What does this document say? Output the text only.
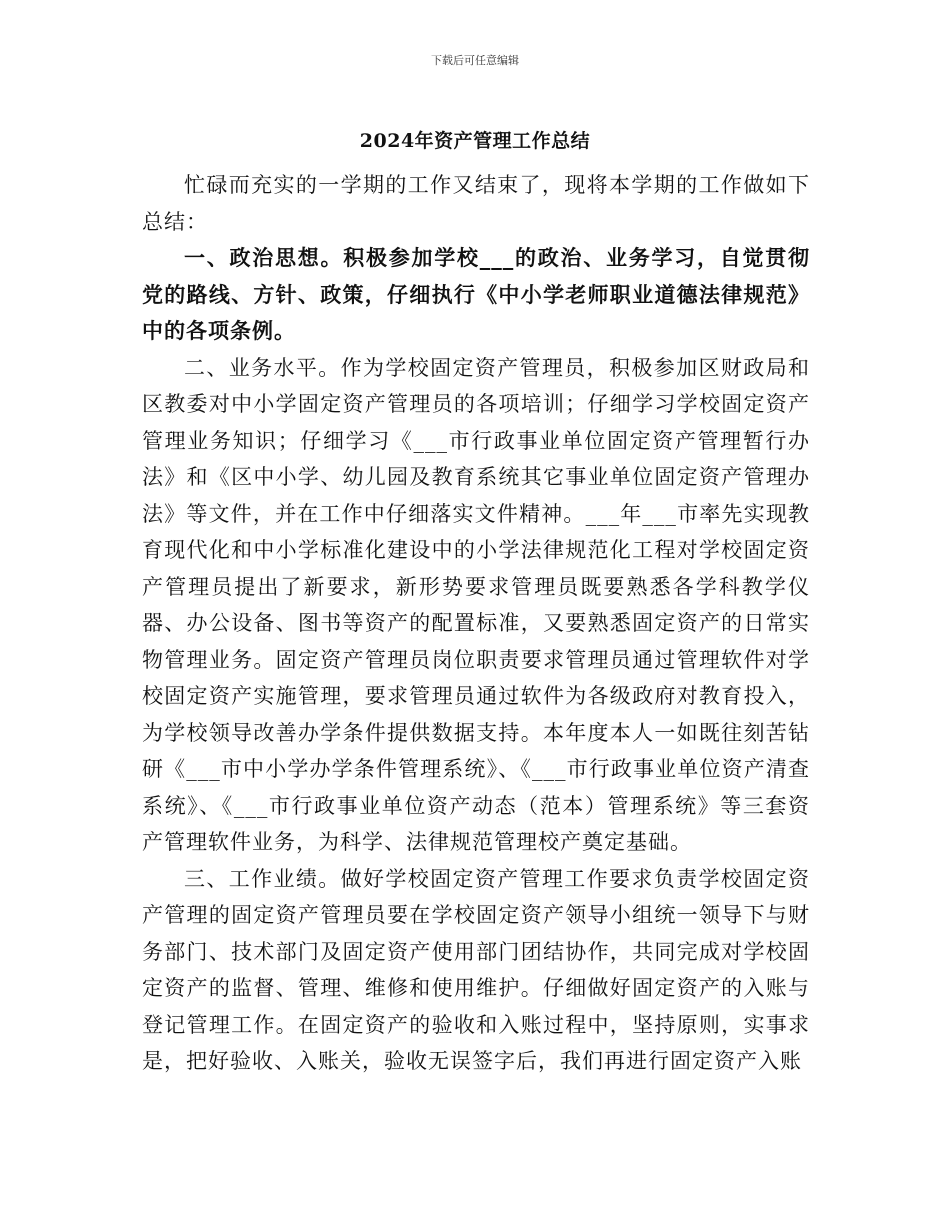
下载后可任意编辑
2024年资产管理工作总结

忙碌而充实的一学期的工作又结束了，现将本学期的工作做如下总结：

一、政治思想。积极参加学校___的政治、业务学习，自觉贯彻党的路线、方针、政策，仔细执行《中小学老师职业道德法律规范》中的各项条例。

二、业务水平。作为学校固定资产管理员，积极参加区财政局和区教委对中小学固定资产管理员的各项培训；仔细学习学校固定资产管理业务知识；仔细学习《___市行政事业单位固定资产管理暂行办法》和《区中小学、幼儿园及教育系统其它事业单位固定资产管理办法》等文件，并在工作中仔细落实文件精神。___年___市率先实现教育现代化和中小学标准化建设中的小学法律规范化工程对学校固定资产管理员提出了新要求，新形势要求管理员既要熟悉各学科教学仪器、办公设备、图书等资产的配置标准，又要熟悉固定资产的日常实物管理业务。固定资产管理员岗位职责要求管理员通过管理软件对学校固定资产实施管理，要求管理员通过软件为各级政府对教育投入，为学校领导改善办学条件提供数据支持。本年度本人一如既往刻苦钻研《___市中小学办学条件管理系统》、《___市行政事业单位资产清查系统》、《___市行政事业单位资产动态（范本）管理系统》等三套资产管理软件业务，为科学、法律规范管理校产奠定基础。

三、工作业绩。做好学校固定资产管理工作要求负责学校固定资产管理的固定资产管理员要在学校固定资产领导小组统一领导下与财务部门、技术部门及固定资产使用部门团结协作，共同完成对学校固定资产的监督、管理、维修和使用维护。仔细做好固定资产的入账与登记管理工作。在固定资产的验收和入账过程中，坚持原则，实事求是，把好验收、入账关，验收无误签字后，我们再进行固定资产入账
